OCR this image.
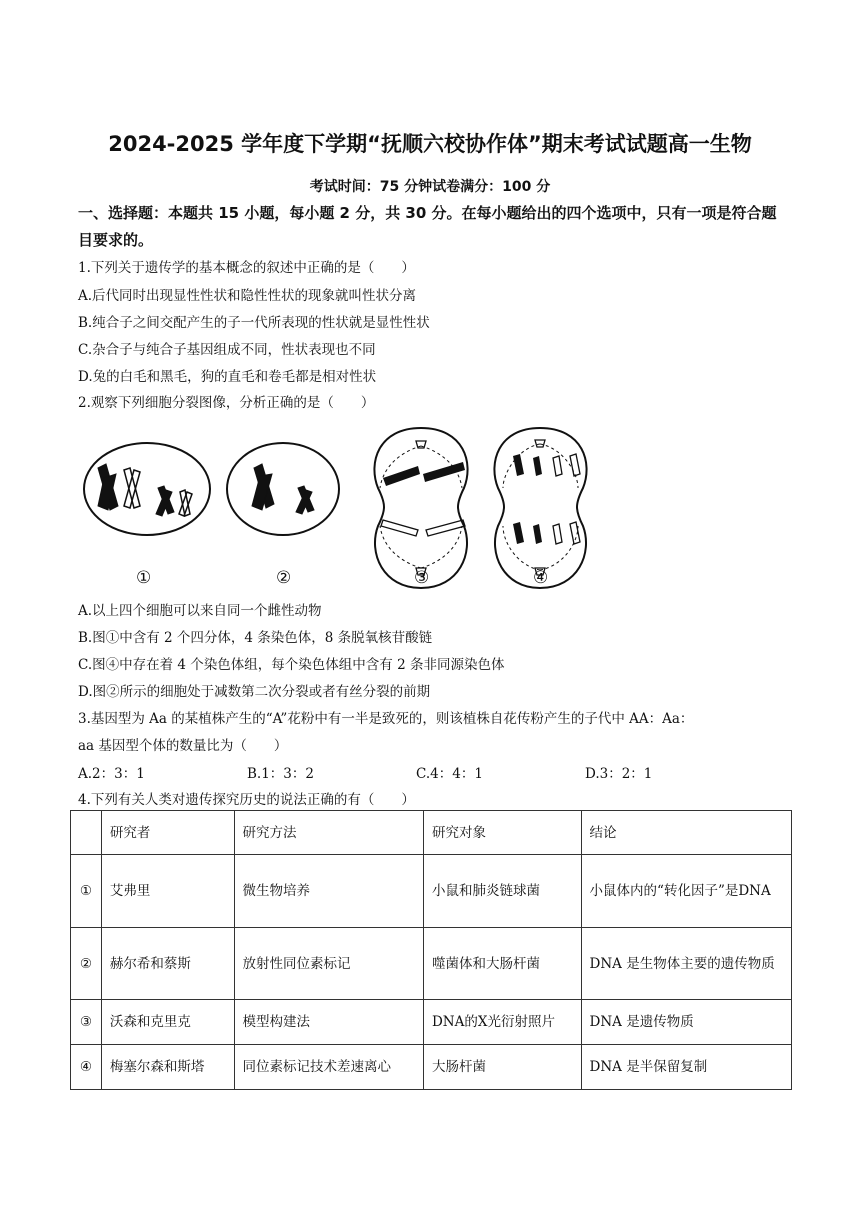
2024-2025 学年度下学期“抚顺六校协作体”期末考试试题高一生物
考试时间：75 分钟试卷满分：100 分
一、选择题：本题共 15 小题，每小题 2 分，共 30 分。在每小题给出的四个选项中，只有一项是符合题目要求的。
1.下列关于遗传学的基本概念的叙述中正确的是（　　）
A.后代同时出现显性性状和隐性性状的现象就叫性状分离
B.纯合子之间交配产生的子一代所表现的性状就是显性性状
C.杂合子与纯合子基因组成不同，性状表现也不同
D.兔的白毛和黑毛，狗的直毛和卷毛都是相对性状
2.观察下列细胞分裂图像，分析正确的是（　　）
①	②	③	④
A.以上四个细胞可以来自同一个雌性动物
B.图①中含有 2 个四分体，4 条染色体，8 条脱氧核苷酸链
C.图④中存在着 4 个染色体组，每个染色体组中含有 2 条非同源染色体
D.图②所示的细胞处于减数第二次分裂或者有丝分裂的前期
3.基因型为 Aa 的某植株产生的“A”花粉中有一半是致死的，则该植株自花传粉产生的子代中 AA：Aa：
aa 基因型个体的数量比为（　　）
A.2：3：1	B.1：3：2	C.4：4：1	D.3：2：1
4.下列有关人类对遗传探究历史的说法正确的有（　　）
	研究者	研究方法	研究对象	结论
①	艾弗里	微生物培养	小鼠和肺炎链球菌	小鼠体内的“转化因子”是DNA
②	赫尔希和蔡斯	放射性同位素标记	噬菌体和大肠杆菌	DNA 是生物体主要的遗传物质
③	沃森和克里克	模型构建法	DNA的X光衍射照片	DNA 是遗传物质
④	梅塞尔森和斯塔	同位素标记技术差速离心	大肠杆菌	DNA 是半保留复制
